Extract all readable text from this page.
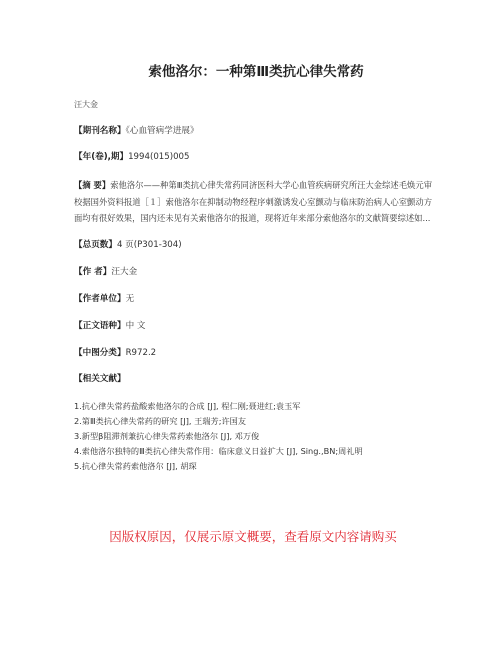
索他洛尔：一种第Ⅲ类抗心律失常药
汪大金
【期刊名称】《心血管病学进展》
【年(卷),期】1994(015)005
【摘 要】索他洛尔——种第Ⅲ类抗心律失常药同济医科大学心血管疾病研究所汪大金综述毛焕元审校据国外资料报道［１］索他洛尔在抑制动物经程序刺激诱发心室颤动与临床防治病人心室颤动方面均有很好效果，国内还未见有关索他洛尔的报道，现将近年来部分索他洛尔的文献简要综述如...
【总页数】4 页(P301-304)
【作 者】汪大金
【作者单位】无
【正文语种】中 文
【中图分类】R972.2
【相关文献】
1.抗心律失常药盐酸索他洛尔的合成 [J], 程仁刚;聂进红;袁玉军
2.第Ⅲ类抗心律失常药的研究 [J], 王瑞芳;许国友
3.新型β阻滞剂兼抗心律失常药索他洛尔 [J], 邓万俊
4.索他洛尔独特的Ⅲ类抗心律失常作用：临床意义日益扩大 [J], Sing.,BN;周礼明
5.抗心律失常药索他洛尔 [J], 胡琛
因版权原因，仅展示原文概要，查看原文内容请购买
